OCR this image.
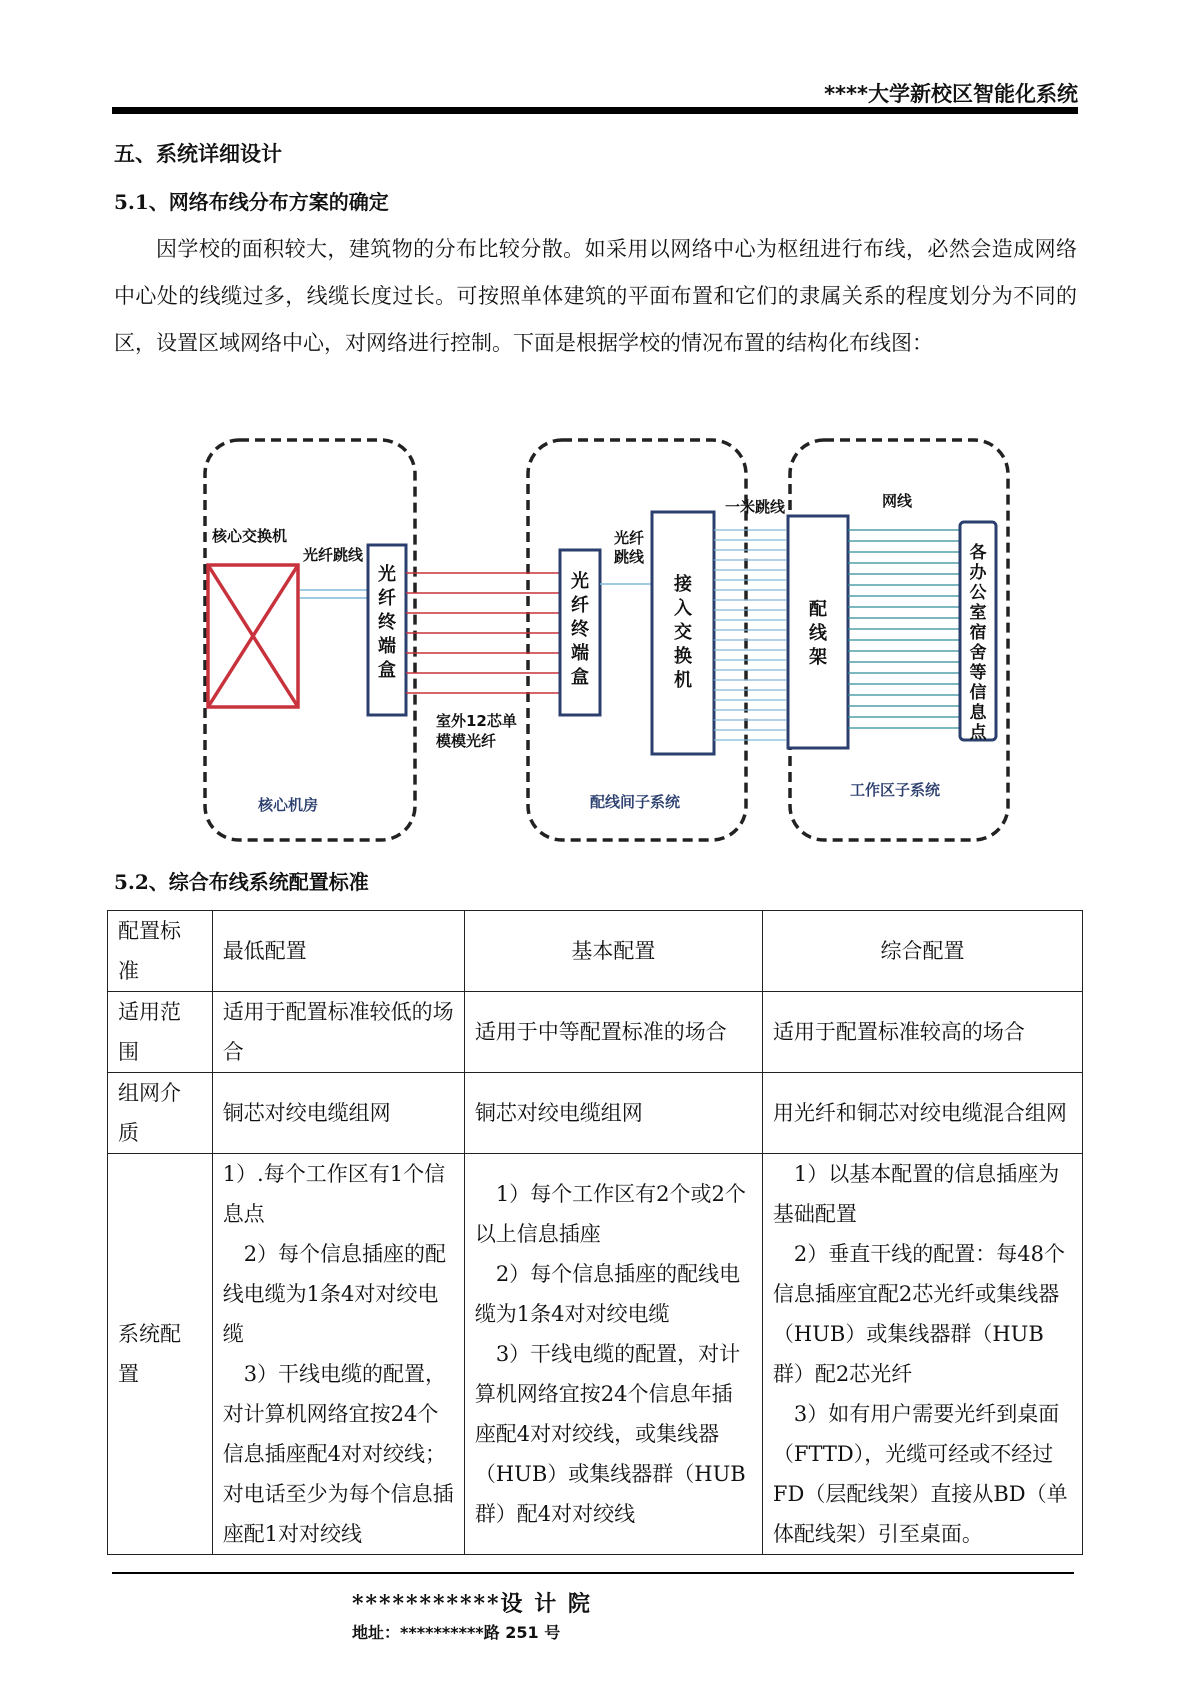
****大学新校区智能化系统
五、系统详细设计
5.1、网络布线分布方案的确定

因学校的面积较大，建筑物的分布比较分散。如采用以网络中心为枢纽进行布线，必然会造成网络中心处的线缆过多，线缆长度过长。可按照单体建筑的平面布置和它们的隶属关系的程度划分为不同的区，设置区域网络中心，对网络进行控制。下面是根据学校的情况布置的结构化布线图：

核心交换机
光纤跳线
光纤终端盒
室外12芯单
模模光纤
核心机房
光纤终端盒
光纤
跳线
接入交换机
一米跳线
配线间子系统
配线架
网线
各办公室宿舍等信息点
工作区子系统
5.2、综合布线系统配置标准
配置标准	最低配置	基本配置	综合配置
适用范围	适用于配置标准较低的场合	适用于中等配置标准的场合	适用于配置标准较高的场合
组网介质	铜芯对绞电缆组网	铜芯对绞电缆组网	用光纤和铜芯对绞电缆混合组网
系统配置	1）.每个工作区有1个信息点
2）每个信息插座的配线电缆为1条4对对绞电缆
3）干线电缆的配置，对计算机网络宜按24个信息插座配4对对绞线；对电话至少为每个信息插座配1对对绞线	1）每个工作区有2个或2个以上信息插座
2）每个信息插座的配线电缆为1条4对对绞电缆
3）干线电缆的配置，对计算机网络宜按24个信息年插座配4对对绞线，或集线器（HUB）或集线器群（HUB群）配4对对绞线	1）以基本配置的信息插座为基础配置
2）垂直干线的配置：每48个信息插座宜配2芯光纤或集线器（HUB）或集线器群（HUB群）配2芯光纤
3）如有用户需要光纤到桌面（FTTD），光缆可经或不经过FD（层配线架）直接从BD（单体配线架）引至桌面。
***********设 计 院
地址：**********路 251 号
